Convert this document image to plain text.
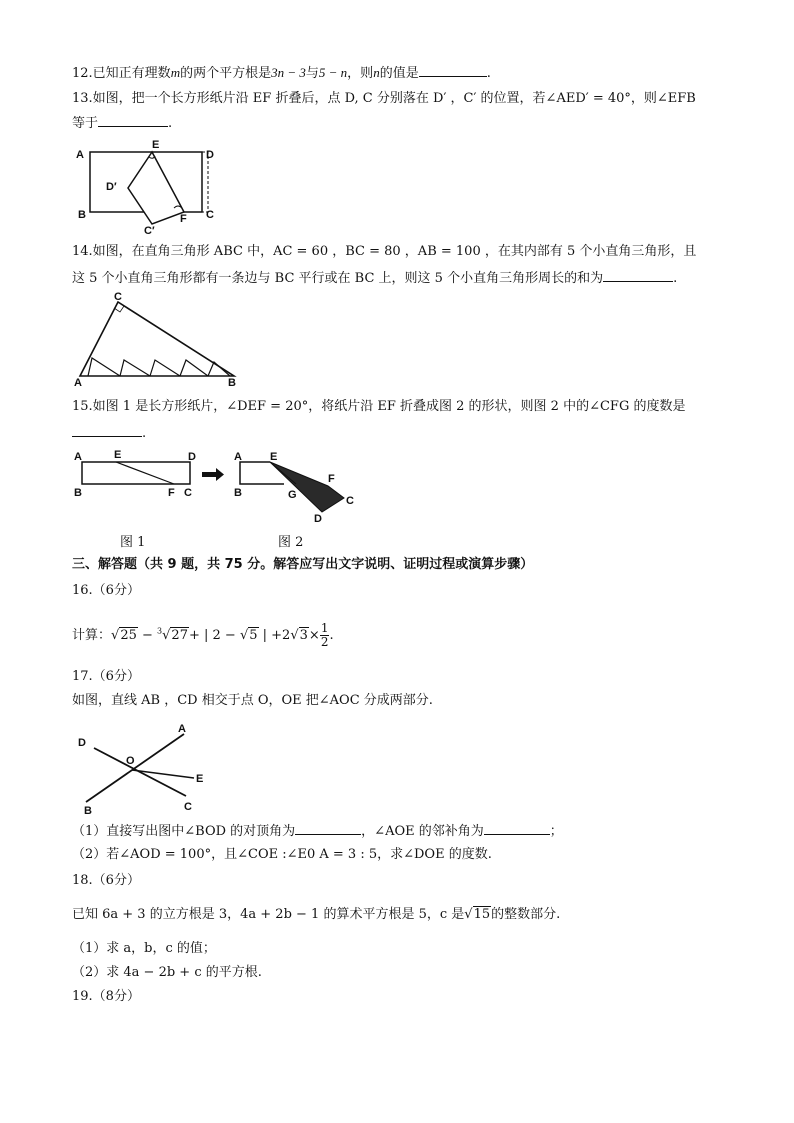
12.已知正有理数m的两个平方根是3n − 3与5 − n，则n的值是	.
13.如图，把一个长方形纸片沿 EF 折叠后，点 D, C 分别落在 D′ ，C′ 的位置，若∠AED′ = 40°，则∠EFB
等于	.
A
E
D
D′
B	F C
C′
14.如图，在直角三角形 ABC 中，AC = 60 ，BC = 80 ，AB = 100 ，在其内部有 5 个小直角三角形，且
这 5 个小直角三角形都有一条边与 BC 平行或在 BC 上，则这 5 个小直角三角形周长的和为	.
C
A	B
15.如图 1 是长方形纸片，∠DEF = 20°，将纸片沿 EF 折叠成图 2 的形状，则图 2 中的∠CFG 的度数是
.
A	E	D
B	F C
A	E
F
B	G	C
D
图 1	图 2
三、解答题（共 9 题，共 75 分。解答应写出文字说明、证明过程或演算步骤）
16.（6分）
计算：√25 − $^3$√27+ | 2 − √5 | $+2√3\times \frac{1}{2}$ .
17.（6分）
如图，直线 AB ，CD 相交于点 O，OE 把∠AOC 分成两部分.
D
A
O
E
B	C
（1）直接写出图中∠BOD 的对顶角为	，∠AOE 的邻补角为	；
（2）若∠AOD = 100°，且∠COE :∠E0 A = 3 : 5，求∠DOE 的度数.
18.（6分）
已知 6a + 3 的立方根是 3，4a + 2b − 1 的算术平方根是 5，c 是√15的整数部分.
（1）求 a，b，c 的值；
（2）求 4a − 2b + c 的平方根.
19.（8分）
